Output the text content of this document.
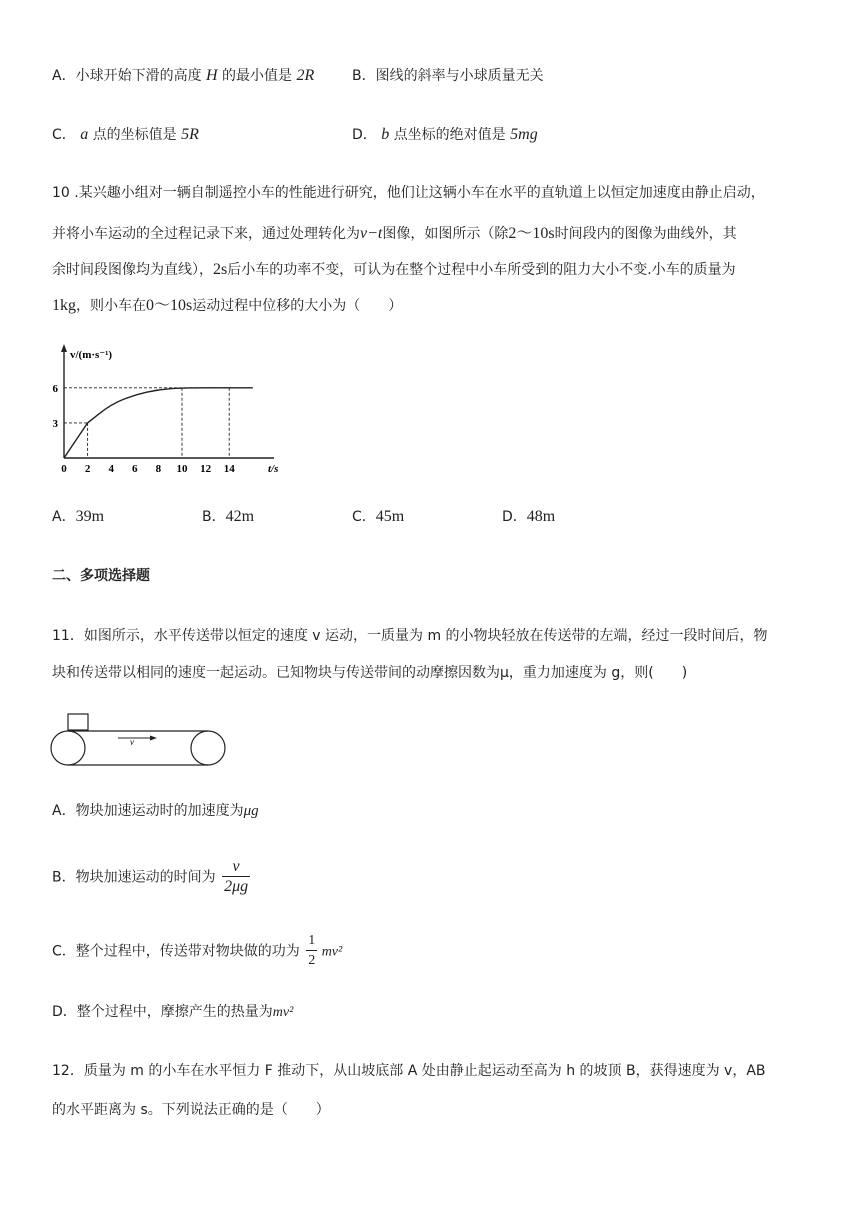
A．小球开始下滑的高度 H 的最小值是 2R	B．图线的斜率与小球质量无关
C． a 点的坐标值是 5R	D． b 点坐标的绝对值是 5mg
10 .某兴趣小组对一辆自制遥控小车的性能进行研究，他们让这辆小车在水平的直轨道上以恒定加速度由静止启动，
并将小车运动的全过程记录下来，通过处理转化为v−t图像，如图所示（除2～10s时间段内的图像为曲线外，其
余时间段图像均为直线），2s后小车的功率不变，可认为在整个过程中小车所受到的阻力大小不变.小车的质量为
1kg，则小车在0～10s运动过程中位移的大小为（　　）
v/(m·s⁻¹)
t/s
0 2 4 6 8 10 12 14
3
6
A．39m	B．42m	C．45m	D．48m
二、多项选择题
11．如图所示，水平传送带以恒定的速度 v 运动，一质量为 m 的小物块轻放在传送带的左端，经过一段时间后，物
块和传送带以相同的速度一起运动。已知物块与传送带间的动摩擦因数为μ，重力加速度为 g，则(　　)
v
A．物块加速运动时的加速度为μg
B．物块加速运动的时间为 $\frac{v}{2\mu g}$
C．整个过程中，传送带对物块做的功为 $\frac{1}{2} mv^2$
D．整个过程中，摩擦产生的热量为mv²
12．质量为 m 的小车在水平恒力 F 推动下，从山坡底部 A 处由静止起运动至高为 h 的坡顶 B，获得速度为 v，AB
的水平距离为 s。下列说法正确的是（　　）
